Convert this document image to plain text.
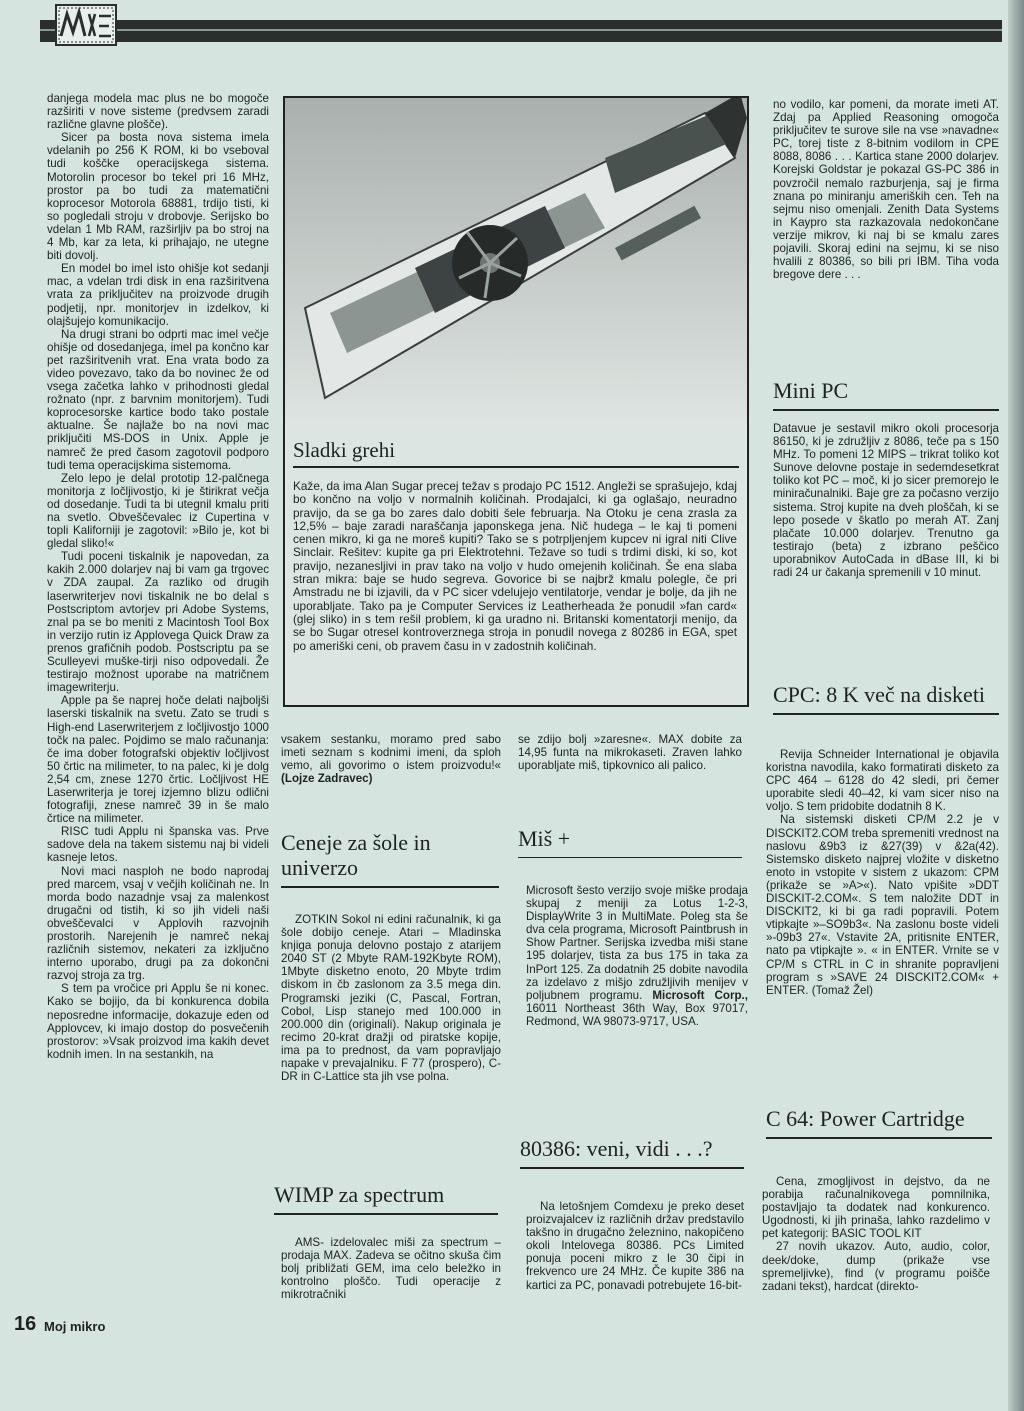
danjega modela mac plus ne bo mogoče razširiti v nove sisteme (predvsem zaradi različne glavne plošče).

Sicer pa bosta nova sistema imela vdelanih po 256 K ROM, ki bo vseboval tudi koščke operacijskega sistema. Motorolin procesor bo tekel pri 16 MHz, prostor pa bo tudi za matematični koprocesor Motorola 68881, trdijo tisti, ki so pogledali stroju v drobovje. Serijsko bo vdelan 1 Mb RAM, razširljiv pa bo stroj na 4 Mb, kar za leta, ki prihajajo, ne utegne biti dovolj.

En model bo imel isto ohišje kot sedanji mac, a vdelan trdi disk in ena razširitvena vrata za priključitev na proizvode drugih podjetij, npr. monitorjev in izdelkov, ki olajšujejo komunikacijo.

Na drugi strani bo odprti mac imel večje ohišje od dosedanjega, imel pa končno kar pet razširitvenih vrat. Ena vrata bodo za video povezavo, tako da bo novinec že od vsega začetka lahko v prihodnosti gledal rožnato (npr. z barvnim monitorjem). Tudi koprocesorske kartice bodo tako postale aktualne. Še najlaže bo na novi mac priključiti MS-DOS in Unix. Apple je namreč že pred časom zagotovil podporo tudi tema operacijskima sistemoma.

Zelo lepo je delal prototip 12-palčnega monitorja z ločljivostjo, ki je štirikrat večja od dosedanje. Tudi ta bi utegnil kmalu priti na svetlo. Obveščevalec iz Cupertina v topli Kaliforniji je zagotovil: »Bilo je, kot bi gledal sliko!«

Tudi poceni tiskalnik je napovedan, za kakih 2.000 dolarjev naj bi vam ga trgovec v ZDA zaupal. Za razliko od drugih laserwriterjev novi tiskalnik ne bo delal s Postscriptom avtorjev pri Adobe Systems, znal pa se bo meniti z Macintosh Tool Box in verzijo rutin iz Applovega Quick Draw za prenos grafičnih podob. Postscriptu pa se Sculleyevi muške-tirji niso odpovedali. Že testirajo možnost uporabe na matričnem imagewriterju.

Apple pa še naprej hoče delati najboljši laserski tiskalnik na svetu. Zato se trudi s High-end Laserwriterjem z ločljivostjo 1000 točk na palec. Pojdimo se malo računanja: če ima dober fotografski objektiv ločljivost 50 črtic na milimeter, to na palec, ki je dolg 2,54 cm, znese 1270 črtic. Ločljivost HE Laserwriterja je torej izjemno blizu odlični fotografiji, znese namreč 39 in še malo črtice na milimeter.

RISC tudi Applu ni španska vas. Prve sadove dela na takem sistemu naj bi videli kasneje letos.

Novi maci nasploh ne bodo naprodaj pred marcem, vsaj v večjih količinah ne. In morda bodo nazadnje vsaj za malenkost drugačni od tistih, ki so jih videli naši obveščevalci v Applovih razvojnih prostorih. Narejenih je namreč nekaj različnih sistemov, nekateri za izključno interno uporabo, drugi pa za dokončni razvoj stroja za trg.

S tem pa vročice pri Applu še ni konec. Kako se bojijo, da bi konkurenca dobila neposredne informacije, dokazuje eden od Applovcev, ki imajo dostop do posvečenih prostorov: »Vsak proizvod ima kakih devet kodnih imen. In na sestankih, na

Sladki grehi
Kaže, da ima Alan Sugar precej težav s prodajo PC 1512. Angleži se sprašujejo, kdaj bo končno na voljo v normalnih količinah. Prodajalci, ki ga oglašajo, neuradno pravijo, da se ga bo zares dalo dobiti šele februarja. Na Otoku je cena zrasla za 12,5% – baje zaradi naraščanja japonskega jena. Nič hudega – le kaj ti pomeni cenen mikro, ki ga ne moreš kupiti? Tako se s potrpljenjem kupcev ni igral niti Clive Sinclair. Rešitev: kupite ga pri Elektrotehni. Težave so tudi s trdimi diski, ki so, kot pravijo, nezanesljivi in prav tako na voljo v hudo omejenih količinah. Še ena slaba stran mikra: baje se hudo segreva. Govorice bi se najbrž kmalu polegle, če pri Amstradu ne bi izjavili, da v PC sicer vdelujejo ventilatorje, vendar je bolje, da jih ne uporabljate. Tako pa je Computer Services iz Leatherheada že ponudil »fan card« (glej sliko) in s tem rešil problem, ki ga uradno ni. Britanski komentatorji menijo, da se bo Sugar otresel kontroverznega stroja in ponudil novega z 80286 in EGA, spet po ameriški ceni, ob pravem času in v zadostnih količinah.

vsakem sestanku, moramo pred sabo imeti seznam s kodnimi imeni, da sploh vemo, ali govorimo o istem proizvodu!« (Lojze Zadravec)

Ceneje za šole in univerzo

ZOTKIN Sokol ni edini računalnik, ki ga šole dobijo ceneje. Atari – Mladinska knjiga ponuja delovno postajo z atarijem 2040 ST (2 Mbyte RAM-192Kbyte ROM), 1Mbyte disketno enoto, 20 Mbyte trdim diskom in čb zaslonom za 3.5 mega din. Programski jeziki (C, Pascal, Fortran, Cobol, Lisp stanejo med 100.000 in 200.000 din (originali). Nakup originala je recimo 20-krat dražji od piratske kopije, ima pa to prednost, da vam popravljajo napake v prevajalniku. F 77 (prospero), C-DR in C-Lattice sta jih vse polna.

WIMP za spectrum

AMS- izdelovalec miši za spectrum – prodaja MAX. Zadeva se očitno skuša čim bolj približati GEM, ima celo beležko in kontrolno ploščo. Tudi operacije z mikrotračniki

se zdijo bolj »zaresne«. MAX dobite za 14,95 funta na mikrokaseti. Zraven lahko uporabljate miš, tipkovnico ali palico.

Miš +

Microsoft šesto verzijo svoje miške prodaja skupaj z meniji za Lotus 1-2-3, DisplayWrite 3 in MultiMate. Poleg sta še dva cela programa, Microsoft Paintbrush in Show Partner. Serijska izvedba miši stane 195 dolarjev, tista za bus 175 in taka za InPort 125. Za dodatnih 25 dobite navodila za izdelavo z mišjo združljivih menijev v poljubnem programu. Microsoft Corp., 16011 Northeast 36th Way, Box 97017, Redmond, WA 98073-9717, USA.

80386: veni, vidi . . .?

Na letošnjem Comdexu je preko deset proizvajalcev iz različnih držav predstavilo takšno in drugačno železnino, nakopičeno okoli Intelovega 80386. PCs Limited ponuja poceni mikro z le 30 čipi in frekvenco ure 24 MHz. Če kupite 386 na kartici za PC, ponavadi potrebujete 16-bit-

no vodilo, kar pomeni, da morate imeti AT. Zdaj pa Applied Reasoning omogoča priključitev te surove sile na vse »navadne« PC, torej tiste z 8-bitnim vodilom in CPE 8088, 8086 . . . Kartica stane 2000 dolarjev. Korejski Goldstar je pokazal GS-PC 386 in povzročil nemalo razburjenja, saj je firma znana po miniranju ameriških cen. Teh na sejmu niso omenjali. Zenith Data Systems in Kaypro sta razkazovala nedokončane verzije mikrov, ki naj bi se kmalu zares pojavili. Skoraj edini na sejmu, ki se niso hvalili z 80386, so bili pri IBM. Tiha voda bregove dere . . .

Mini PC

Datavue je sestavil mikro okoli procesorja 86150, ki je združljiv z 8086, teče pa s 150 MHz. To pomeni 12 MIPS – trikrat toliko kot Sunove delovne postaje in sedemdesetkrat toliko kot PC – moč, ki jo sicer premorejo le miniračunalniki. Baje gre za počasno verzijo sistema. Stroj kupite na dveh ploščah, ki se lepo posede v škatlo po merah AT. Zanj plačate 10.000 dolarjev. Trenutno ga testirajo (beta) z izbrano peščico uporabnikov AutoCada in dBase III, ki bi radi 24 ur čakanja spremenili v 10 minut.

CPC: 8 K več na disketi

Revija Schneider International je objavila koristna navodila, kako formatirati disketo za CPC 464 – 6128 do 42 sledi, pri čemer uporabite sledi 40–42, ki vam sicer niso na voljo. S tem pridobite dodatnih 8 K.

Na sistemski disketi CP/M 2.2 je v DISCKIT2.COM treba spremeniti vrednost na naslovu &9b3 iz &27(39) v &2a(42). Sistemsko disketo najprej vložite v disketno enoto in vstopite v sistem z ukazom: CPM (prikaže se »A>«). Nato vpišite »DDT DISCKIT-2.COM«. S tem naložite DDT in DISCKIT2, ki bi ga radi popravili. Potem vtipkajte »–SO9b3«. Na zaslonu boste videli »-09b3 27«. Vstavite 2A, pritisnite ENTER, nato pa vtipkajte ». « in ENTER. Vrnite se v CP/M s CTRL in C in shranite popravljeni program s »SAVE 24 DISCKIT2.COM« + ENTER. (Tomaž Žel)

C 64: Power Cartridge

Cena, zmogljivost in dejstvo, da ne porabija računalnikovega pomnilnika, postavljajo ta dodatek nad konkurenco. Ugodnosti, ki jih prinaša, lahko razdelimo v pet kategorij: BASIC TOOL KIT

27 novih ukazov. Auto, audio, color, deek/doke, dump (prikaže vse spremeljivke), find (v programu poišče zadani tekst), hardcat (direkto-

16 Moj mikro
